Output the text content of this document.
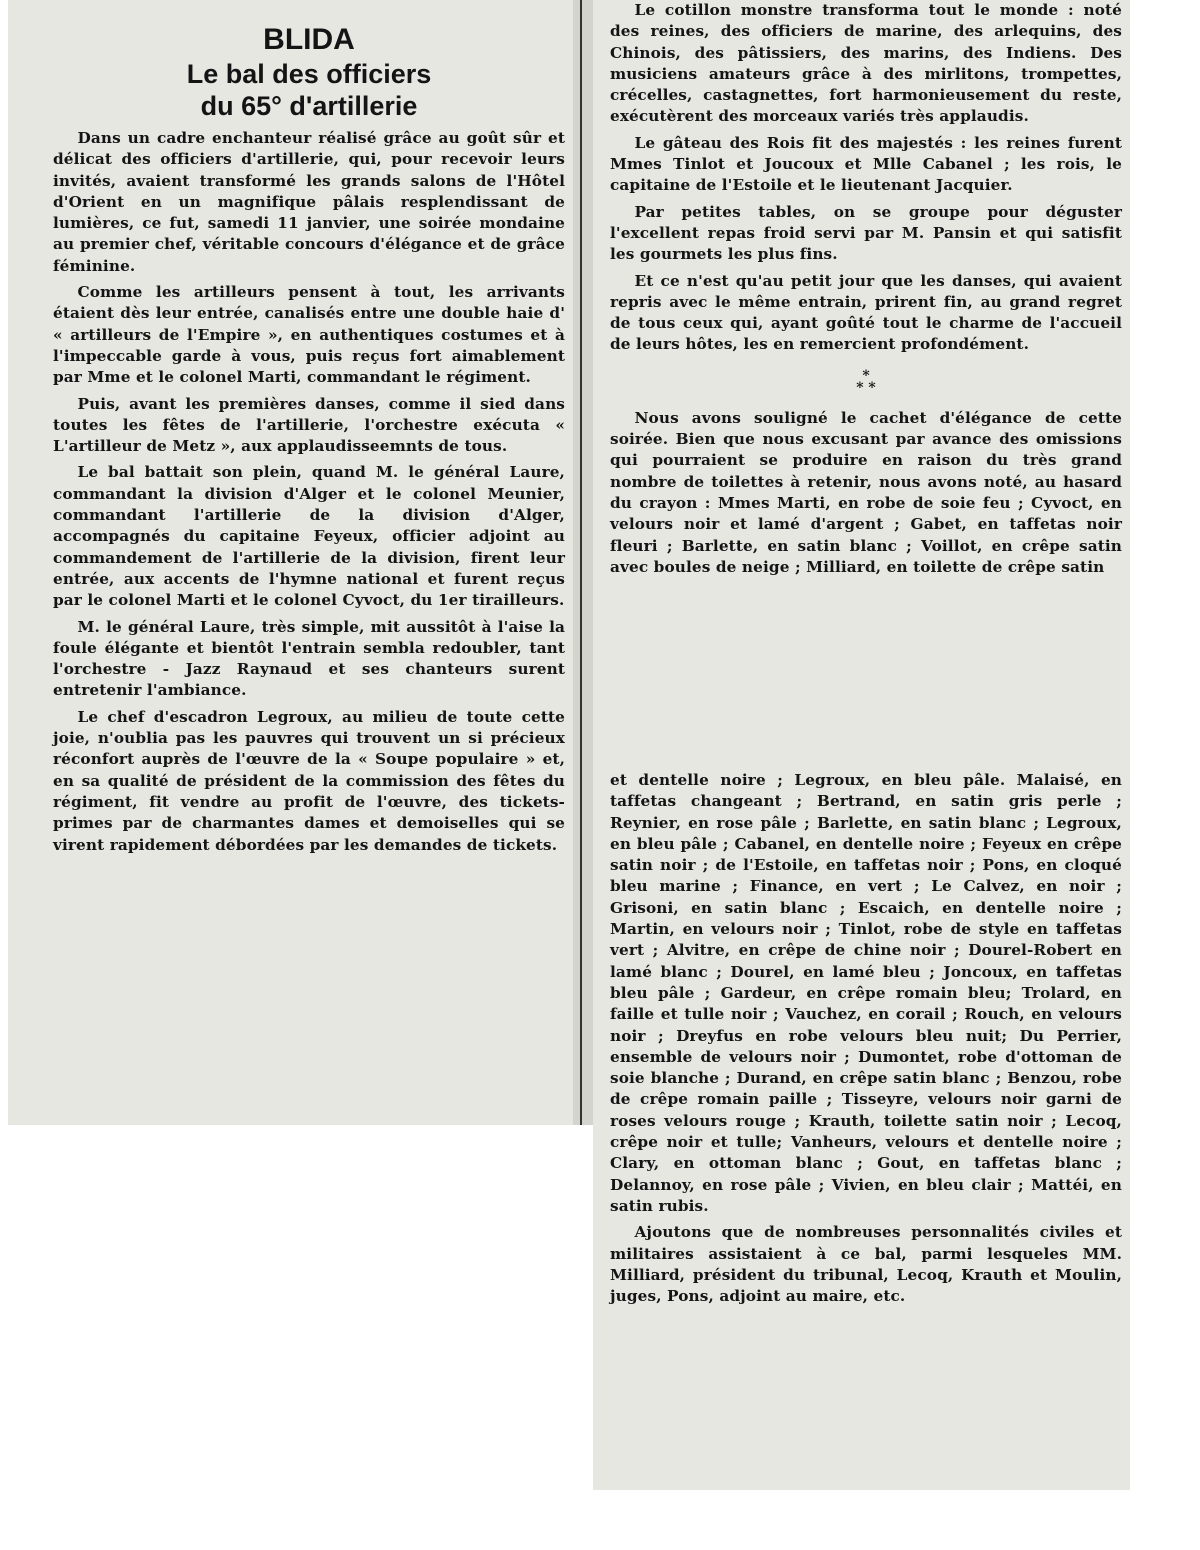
BLIDA
Le bal des officiers
du 65° d'artillerie

Dans un cadre enchanteur réalisé grâce au goût sûr et délicat des officiers d'artillerie, qui, pour recevoir leurs invités, avaient transformé les grands salons de l'Hôtel d'Orient en un magnifique pâlais resplendissant de lumières, ce fut, samedi 11 janvier, une soirée mondaine au premier chef, véritable concours d'élégance et de grâce féminine.

Comme les artilleurs pensent à tout, les arrivants étaient dès leur entrée, canalisés entre une double haie d' « artilleurs de l'Empire », en authentiques costumes et à l'impeccable garde à vous, puis reçus fort aimablement par Mme et le colonel Marti, commandant le régiment.

Puis, avant les premières danses, comme il sied dans toutes les fêtes de l'artillerie, l'orchestre exécuta « L'artilleur de Metz », aux applaudisseemnts de tous.

Le bal battait son plein, quand M. le général Laure, commandant la division d'Alger et le colonel Meunier, commandant l'artillerie de la division d'Alger, accompagnés du capitaine Feyeux, officier adjoint au commandement de l'artillerie de la division, firent leur entrée, aux accents de l'hymne national et furent reçus par le colonel Marti et le colonel Cyvoct, du 1er tirailleurs.

M. le général Laure, très simple, mit aussitôt à l'aise la foule élégante et bientôt l'entrain sembla redoubler, tant l'orchestre - Jazz Raynaud et ses chanteurs surent entretenir l'ambiance.

Le chef d'escadron Legroux, au milieu de toute cette joie, n'oublia pas les pauvres qui trouvent un si précieux réconfort auprès de l'œuvre de la « Soupe populaire » et, en sa qualité de président de la commission des fêtes du régiment, fit vendre au profit de l'œuvre, des tickets-primes par de charmantes dames et demoiselles qui se virent rapidement débordées par les demandes de tickets.

Le cotillon monstre transforma tout le monde : noté des reines, des officiers de marine, des arlequins, des Chinois, des pâtissiers, des marins, des Indiens. Des musiciens amateurs grâce à des mirlitons, trompettes, crécelles, castagnettes, fort harmonieusement du reste, exécutèrent des morceaux variés très applaudis.

Le gâteau des Rois fit des majestés : les reines furent Mmes Tinlot et Joucoux et Mlle Cabanel ; les rois, le capitaine de l'Estoile et le lieutenant Jacquier.

Par petites tables, on se groupe pour déguster l'excellent repas froid servi par M. Pansin et qui satisfit les gourmets les plus fins.

Et ce n'est qu'au petit jour que les danses, qui avaient repris avec le même entrain, prirent fin, au grand regret de tous ceux qui, ayant goûté tout le charme de l'accueil de leurs hôtes, les en remercient profondément.

*
* *

Nous avons souligné le cachet d'élégance de cette soirée. Bien que nous excusant par avance des omissions qui pourraient se produire en raison du très grand nombre de toilettes à retenir, nous avons noté, au hasard du crayon : Mmes Marti, en robe de soie feu ; Cyvoct, en velours noir et lamé d'argent ; Gabet, en taffetas noir fleuri ; Barlette, en satin blanc ; Voillot, en crêpe satin avec boules de neige ; Milliard, en toilette de crêpe satin

et dentelle noire ; Legroux, en bleu pâle. Malaisé, en taffetas changeant ; Bertrand, en satin gris perle ; Reynier, en rose pâle ; Barlette, en satin blanc ; Legroux, en bleu pâle ; Cabanel, en dentelle noire ; Feyeux en crêpe satin noir ; de l'Estoile, en taffetas noir ; Pons, en cloqué bleu marine ; Finance, en vert ; Le Calvez, en noir ; Grisoni, en satin blanc ; Escaich, en dentelle noire ; Martin, en velours noir ; Tinlot, robe de style en taffetas vert ; Alvitre, en crêpe de chine noir ; Dourel-Robert en lamé blanc ; Dourel, en lamé bleu ; Joncoux, en taffetas bleu pâle ; Gardeur, en crêpe romain bleu; Trolard, en faille et tulle noir ; Vauchez, en corail ; Rouch, en velours noir ; Dreyfus en robe velours bleu nuit; Du Perrier, ensemble de velours noir ; Dumontet, robe d'ottoman de soie blanche ; Durand, en crêpe satin blanc ; Benzou, robe de crêpe romain paille ; Tisseyre, velours noir garni de roses velours rouge ; Krauth, toilette satin noir ; Lecoq, crêpe noir et tulle; Vanheurs, velours et dentelle noire ; Clary, en ottoman blanc ; Gout, en taffetas blanc ; Delannoy, en rose pâle ; Vivien, en bleu clair ; Mattéi, en satin rubis.

Ajoutons que de nombreuses personnalités civiles et militaires assistaient à ce bal, parmi lesqueles MM. Milliard, président du tribunal, Lecoq, Krauth et Moulin, juges, Pons, adjoint au maire, etc.
